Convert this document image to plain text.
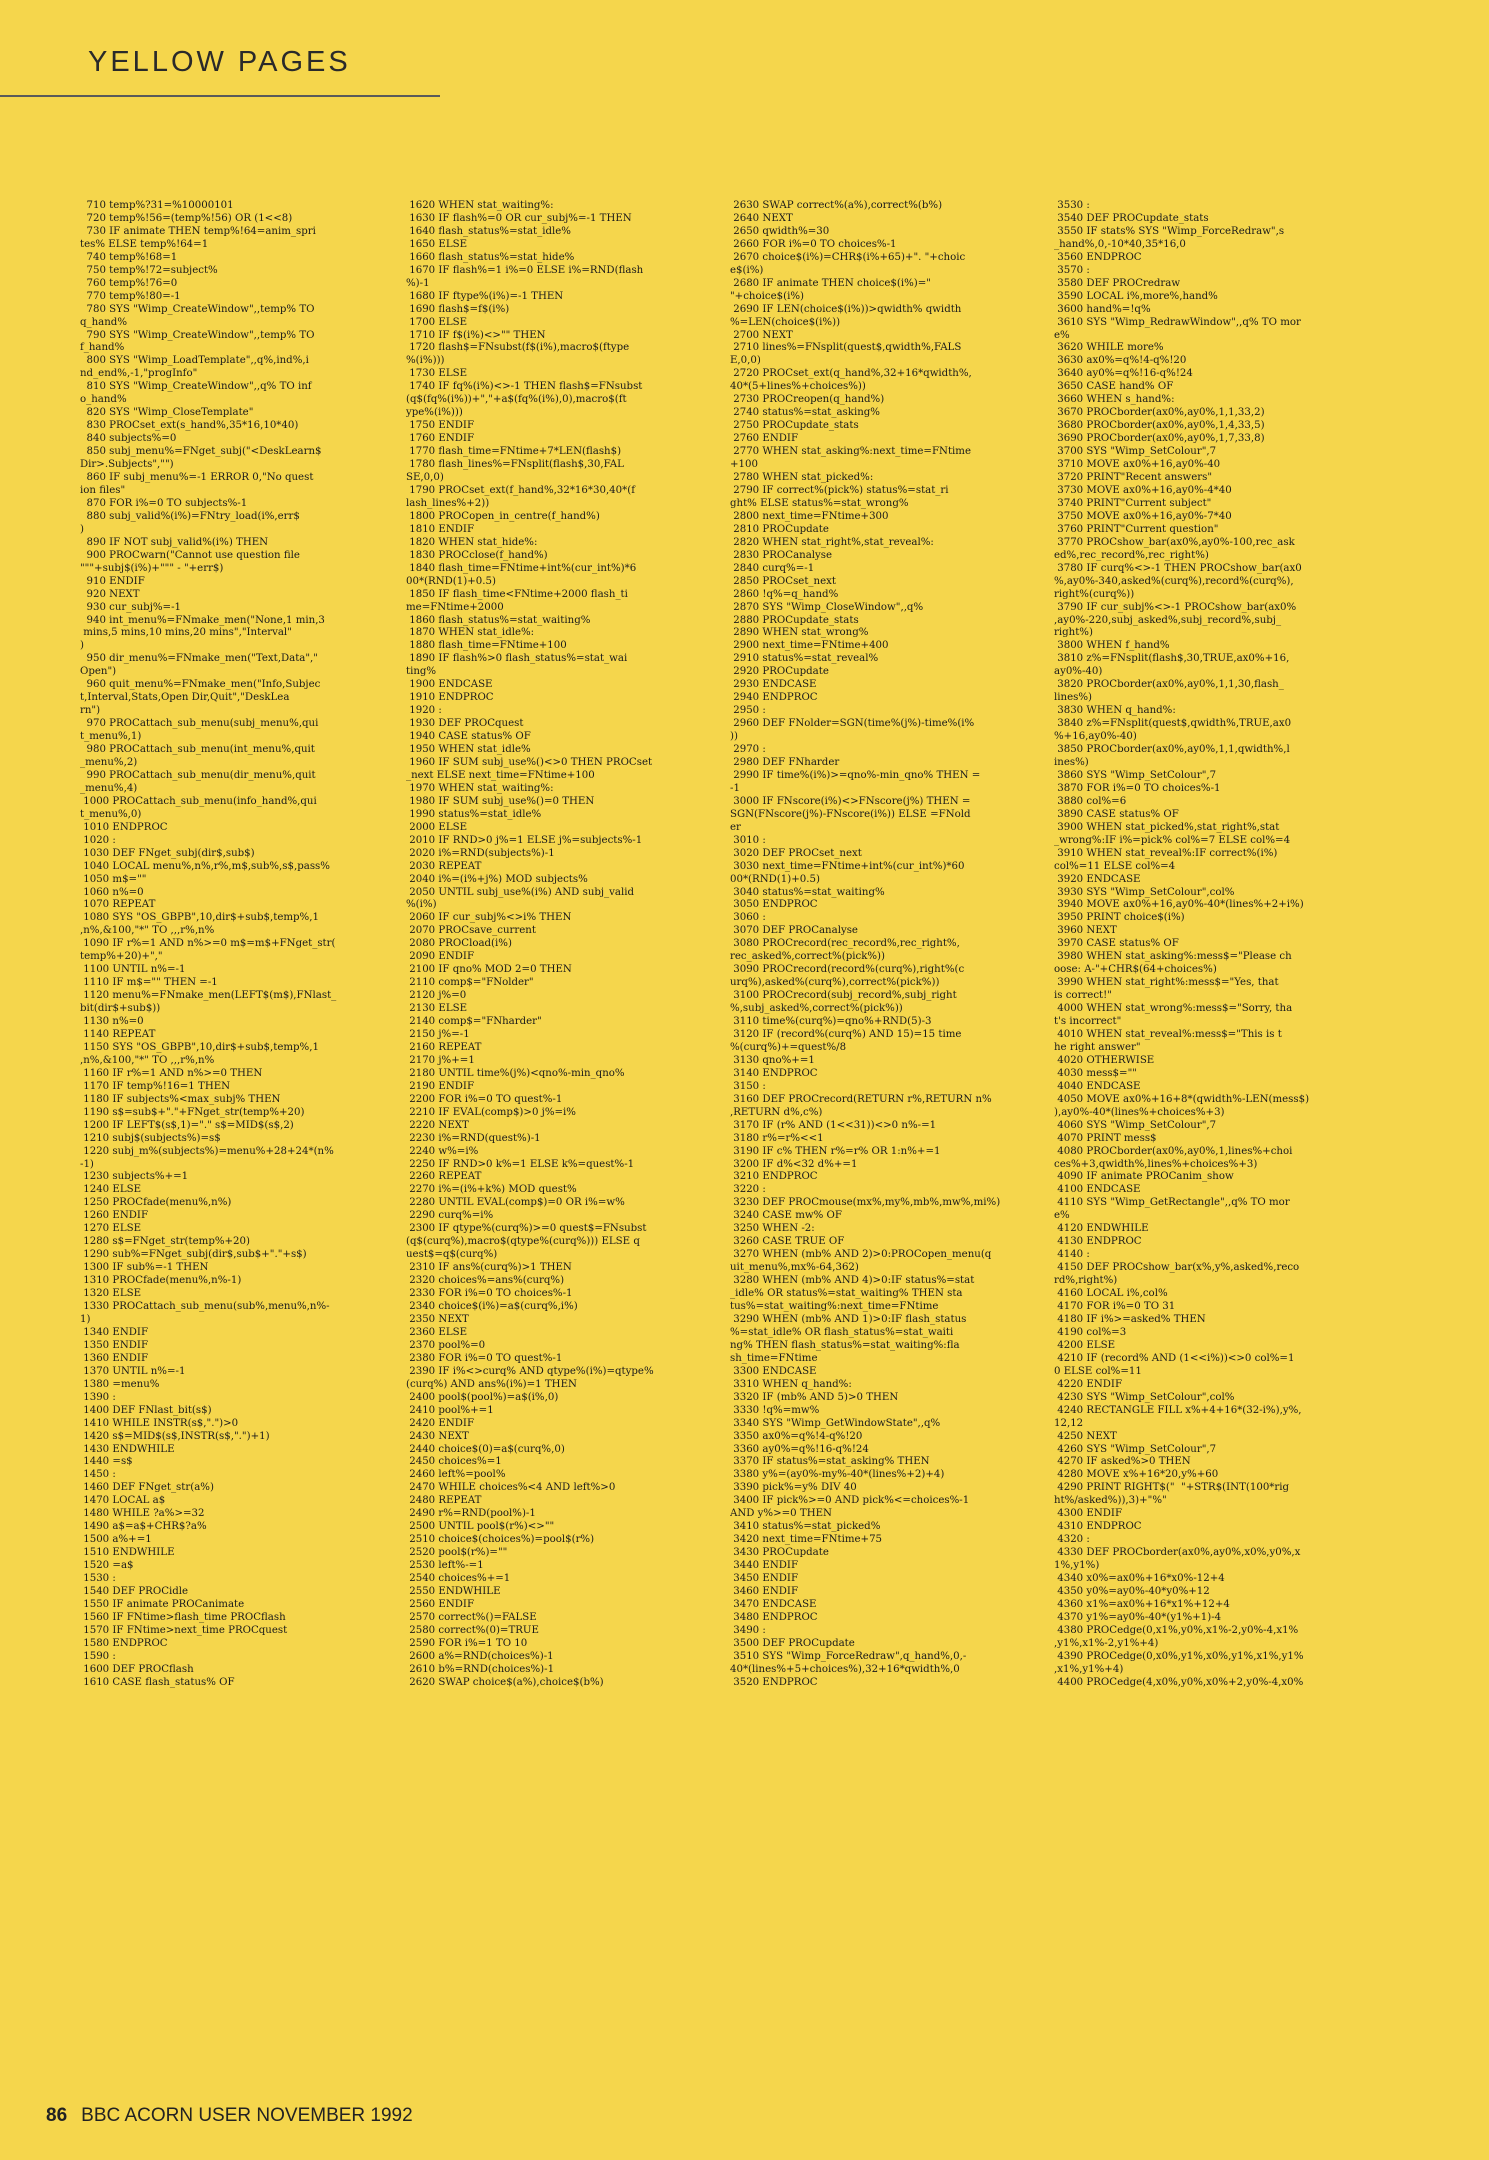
YELLOW PAGES
710 temp%?31=%10000101
720 temp%!56=(temp%!56) OR (1<<8)
730 IF animate THEN temp%!64=anim_spri
tes% ELSE temp%!64=1
740 temp%!68=1
750 temp%!72=subject%
760 temp%!76=0
770 temp%!80=-1
780 SYS "Wimp_CreateWindow",,temp% TO
q_hand%
790 SYS "Wimp_CreateWindow",,temp% TO
f_hand%
800 SYS "Wimp_LoadTemplate",,q%,ind%,i
nd_end%,-1,"progInfo"
810 SYS "Wimp_CreateWindow",,q% TO inf
o_hand%
820 SYS "Wimp_CloseTemplate"
830 PROCset_ext(s_hand%,35*16,10*40)
840 subjects%=0
850 subj_menu%=FNget_subj("<DeskLearn$
Dir>.Subjects","")
860 IF subj_menu%=-1 ERROR 0,"No quest
ion files"
870 FOR i%=0 TO subjects%-1
880 subj_valid%(i%)=FNtry_load(i%,err$
)
890 IF NOT subj_valid%(i%) THEN
900 PROCwarn("Cannot use question file
"""+subj$(i%)+""" - "+err$)
910 ENDIF
920 NEXT
930 cur_subj%=-1
940 int_menu%=FNmake_men("None,1 min,3
mins,5 mins,10 mins,20 mins","Interval"
)
950 dir_menu%=FNmake_men("Text,Data","
Open")
960 quit_menu%=FNmake_men("Info,Subjec
t,Interval,Stats,Open Dir,Quit","DeskLea
rn")
970 PROCattach_sub_menu(subj_menu%,qui
t_menu%,1)
980 PROCattach_sub_menu(int_menu%,quit
_menu%,2)
990 PROCattach_sub_menu(dir_menu%,quit
_menu%,4)
1000 PROCattach_sub_menu(info_hand%,qui
t_menu%,0)
1010 ENDPROC
1020 :
1030 DEF FNget_subj(dir$,sub$)
1040 LOCAL menu%,n%,r%,m$,sub%,s$,pass%
1050 m$=""
1060 n%=0
1070 REPEAT
1080 SYS "OS_GBPB",10,dir$+sub$,temp%,1
,n%,&100,"*" TO ,,,r%,n%
1090 IF r%=1 AND n%>=0 m$=m$+FNget_str(
temp%+20)+","
1100 UNTIL n%=-1
1110 IF m$="" THEN =-1
1120 menu%=FNmake_men(LEFT$(m$),FNlast_
bit(dir$+sub$))
1130 n%=0
1140 REPEAT
1150 SYS "OS_GBPB",10,dir$+sub$,temp%,1
,n%,&100,"*" TO ,,,r%,n%
1160 IF r%=1 AND n%>=0 THEN
1170 IF temp%!16=1 THEN
1180 IF subjects%<max_subj% THEN
1190 s$=sub$+"."+FNget_str(temp%+20)
1200 IF LEFT$(s$,1)="." s$=MID$(s$,2)
1210 subj$(subjects%)=s$
1220 subj_m%(subjects%)=menu%+28+24*(n%
-1)
1230 subjects%+=1
1240 ELSE
1250 PROCfade(menu%,n%)
1260 ENDIF
1270 ELSE
1280 s$=FNget_str(temp%+20)
1290 sub%=FNget_subj(dir$,sub$+"."+s$)
1300 IF sub%=-1 THEN
1310 PROCfade(menu%,n%-1)
1320 ELSE
1330 PROCattach_sub_menu(sub%,menu%,n%-
1)
1340 ENDIF
1350 ENDIF
1360 ENDIF
1370 UNTIL n%=-1
1380 =menu%
1390 :
1400 DEF FNlast_bit(s$)
1410 WHILE INSTR(s$,".")>0
1420 s$=MID$(s$,INSTR(s$,".")+1)
1430 ENDWHILE
1440 =s$
1450 :
1460 DEF FNget_str(a%)
1470 LOCAL a$
1480 WHILE ?a%>=32
1490 a$=a$+CHR$?a%
1500 a%+=1
1510 ENDWHILE
1520 =a$
1530 :
1540 DEF PROCidle
1550 IF animate PROCanimate
1560 IF FNtime>flash_time PROCflash
1570 IF FNtime>next_time PROCquest
1580 ENDPROC
1590 :
1600 DEF PROCflash
1610 CASE flash_status% OF
1620 WHEN stat_waiting%:
1630 IF flash%=0 OR cur_subj%=-1 THEN
1640 flash_status%=stat_idle%
1650 ELSE
1660 flash_status%=stat_hide%
1670 IF flash%=1 i%=0 ELSE i%=RND(flash
%)-1
1680 IF ftype%(i%)=-1 THEN
1690 flash$=f$(i%)
1700 ELSE
1710 IF f$(i%)<>"" THEN
1720 flash$=FNsubst(f$(i%),macro$(ftype
%(i%)))
1730 ELSE
1740 IF fq%(i%)<>-1 THEN flash$=FNsubst
(q$(fq%(i%))+","+a$(fq%(i%),0),macro$(ft
ype%(i%)))
1750 ENDIF
1760 ENDIF
1770 flash_time=FNtime+7*LEN(flash$)
1780 flash_lines%=FNsplit(flash$,30,FAL
SE,0,0)
1790 PROCset_ext(f_hand%,32*16*30,40*(f
lash_lines%+2))
1800 PROCopen_in_centre(f_hand%)
1810 ENDIF
1820 WHEN stat_hide%:
1830 PROCclose(f_hand%)
1840 flash_time=FNtime+int%(cur_int%)*6
00*(RND(1)+0.5)
1850 IF flash_time<FNtime+2000 flash_ti
me=FNtime+2000
1860 flash_status%=stat_waiting%
1870 WHEN stat_idle%:
1880 flash_time=FNtime+100
1890 IF flash%>0 flash_status%=stat_wai
ting%
1900 ENDCASE
1910 ENDPROC
1920 :
1930 DEF PROCquest
1940 CASE status% OF
1950 WHEN stat_idle%
1960 IF SUM subj_use%()<>0 THEN PROCset
_next ELSE next_time=FNtime+100
1970 WHEN stat_waiting%:
1980 IF SUM subj_use%()=0 THEN
1990 status%=stat_idle%
2000 ELSE
2010 IF RND>0 j%=1 ELSE j%=subjects%-1
2020 i%=RND(subjects%)-1
2030 REPEAT
2040 i%=(i%+j%) MOD subjects%
2050 UNTIL subj_use%(i%) AND subj_valid
%(i%)
2060 IF cur_subj%<>i% THEN
2070 PROCsave_current
2080 PROCload(i%)
2090 ENDIF
2100 IF qno% MOD 2=0 THEN
2110 comp$="FNolder"
2120 j%=0
2130 ELSE
2140 comp$="FNharder"
2150 j%=-1
2160 REPEAT
2170 j%+=1
2180 UNTIL time%(j%)<qno%-min_qno%
2190 ENDIF
2200 FOR i%=0 TO quest%-1
2210 IF EVAL(comp$)>0 j%=i%
2220 NEXT
2230 i%=RND(quest%)-1
2240 w%=i%
2250 IF RND>0 k%=1 ELSE k%=quest%-1
2260 REPEAT
2270 i%=(i%+k%) MOD quest%
2280 UNTIL EVAL(comp$)=0 OR i%=w%
2290 curq%=i%
2300 IF qtype%(curq%)>=0 quest$=FNsubst
(q$(curq%),macro$(qtype%(curq%))) ELSE q
uest$=q$(curq%)
2310 IF ans%(curq%)>1 THEN
2320 choices%=ans%(curq%)
2330 FOR i%=0 TO choices%-1
2340 choice$(i%)=a$(curq%,i%)
2350 NEXT
2360 ELSE
2370 pool%=0
2380 FOR i%=0 TO quest%-1
2390 IF i%<>curq% AND qtype%(i%)=qtype%
(curq%) AND ans%(i%)=1 THEN
2400 pool$(pool%)=a$(i%,0)
2410 pool%+=1
2420 ENDIF
2430 NEXT
2440 choice$(0)=a$(curq%,0)
2450 choices%=1
2460 left%=pool%
2470 WHILE choices%<4 AND left%>0
2480 REPEAT
2490 r%=RND(pool%)-1
2500 UNTIL pool$(r%)<>""
2510 choice$(choices%)=pool$(r%)
2520 pool$(r%)=""
2530 left%-=1
2540 choices%+=1
2550 ENDWHILE
2560 ENDIF
2570 correct%()=FALSE
2580 correct%(0)=TRUE
2590 FOR i%=1 TO 10
2600 a%=RND(choices%)-1
2610 b%=RND(choices%)-1
2620 SWAP choice$(a%),choice$(b%)
2630 SWAP correct%(a%),correct%(b%)
2640 NEXT
2650 qwidth%=30
2660 FOR i%=0 TO choices%-1
2670 choice$(i%)=CHR$(i%+65)+". "+choic
e$(i%)
2680 IF animate THEN choice$(i%)="
"+choice$(i%)
2690 IF LEN(choice$(i%))>qwidth% qwidth
%=LEN(choice$(i%))
2700 NEXT
2710 lines%=FNsplit(quest$,qwidth%,FALS
E,0,0)
2720 PROCset_ext(q_hand%,32+16*qwidth%,
40*(5+lines%+choices%))
2730 PROCreopen(q_hand%)
2740 status%=stat_asking%
2750 PROCupdate_stats
2760 ENDIF
2770 WHEN stat_asking%:next_time=FNtime
+100
2780 WHEN stat_picked%:
2790 IF correct%(pick%) status%=stat_ri
ght% ELSE status%=stat_wrong%
2800 next_time=FNtime+300
2810 PROCupdate
2820 WHEN stat_right%,stat_reveal%:
2830 PROCanalyse
2840 curq%=-1
2850 PROCset_next
2860 !q%=q_hand%
2870 SYS "Wimp_CloseWindow",,q%
2880 PROCupdate_stats
2890 WHEN stat_wrong%
2900 next_time=FNtime+400
2910 status%=stat_reveal%
2920 PROCupdate
2930 ENDCASE
2940 ENDPROC
2950 :
2960 DEF FNolder=SGN(time%(j%)-time%(i%
))
2970 :
2980 DEF FNharder
2990 IF time%(i%)>=qno%-min_qno% THEN =
-1
3000 IF FNscore(i%)<>FNscore(j%) THEN =
SGN(FNscore(j%)-FNscore(i%)) ELSE =FNold
er
3010 :
3020 DEF PROCset_next
3030 next_time=FNtime+int%(cur_int%)*60
00*(RND(1)+0.5)
3040 status%=stat_waiting%
3050 ENDPROC
3060 :
3070 DEF PROCanalyse
3080 PROCrecord(rec_record%,rec_right%,
rec_asked%,correct%(pick%))
3090 PROCrecord(record%(curq%),right%(c
urq%),asked%(curq%),correct%(pick%))
3100 PROCrecord(subj_record%,subj_right
%,subj_asked%,correct%(pick%))
3110 time%(curq%)=qno%+RND(5)-3
3120 IF (record%(curq%) AND 15)=15 time
%(curq%)+=quest%/8
3130 qno%+=1
3140 ENDPROC
3150 :
3160 DEF PROCrecord(RETURN r%,RETURN n%
,RETURN d%,c%)
3170 IF (r% AND (1<<31))<>0 n%-=1
3180 r%=r%<<1
3190 IF c% THEN r%=r% OR 1:n%+=1
3200 IF d%<32 d%+=1
3210 ENDPROC
3220 :
3230 DEF PROCmouse(mx%,my%,mb%,mw%,mi%)
3240 CASE mw% OF
3250 WHEN -2:
3260 CASE TRUE OF
3270 WHEN (mb% AND 2)>0:PROCopen_menu(q
uit_menu%,mx%-64,362)
3280 WHEN (mb% AND 4)>0:IF status%=stat
_idle% OR status%=stat_waiting% THEN sta
tus%=stat_waiting%:next_time=FNtime
3290 WHEN (mb% AND 1)>0:IF flash_status
%=stat_idle% OR flash_status%=stat_waiti
ng% THEN flash_status%=stat_waiting%:fla
sh_time=FNtime
3300 ENDCASE
3310 WHEN q_hand%:
3320 IF (mb% AND 5)>0 THEN
3330 !q%=mw%
3340 SYS "Wimp_GetWindowState",,q%
3350 ax0%=q%!4-q%!20
3360 ay0%=q%!16-q%!24
3370 IF status%=stat_asking% THEN
3380 y%=(ay0%-my%-40*(lines%+2)+4)
3390 pick%=y% DIV 40
3400 IF pick%>=0 AND pick%<=choices%-1
AND y%>=0 THEN
3410 status%=stat_picked%
3420 next_time=FNtime+75
3430 PROCupdate
3440 ENDIF
3450 ENDIF
3460 ENDIF
3470 ENDCASE
3480 ENDPROC
3490 :
3500 DEF PROCupdate
3510 SYS "Wimp_ForceRedraw",q_hand%,0,-
40*(lines%+5+choices%),32+16*qwidth%,0
3520 ENDPROC
3530 :
3540 DEF PROCupdate_stats
3550 IF stats% SYS "Wimp_ForceRedraw",s
_hand%,0,-10*40,35*16,0
3560 ENDPROC
3570 :
3580 DEF PROCredraw
3590 LOCAL i%,more%,hand%
3600 hand%=!q%
3610 SYS "Wimp_RedrawWindow",,q% TO mor
e%
3620 WHILE more%
3630 ax0%=q%!4-q%!20
3640 ay0%=q%!16-q%!24
3650 CASE hand% OF
3660 WHEN s_hand%:
3670 PROCborder(ax0%,ay0%,1,1,33,2)
3680 PROCborder(ax0%,ay0%,1,4,33,5)
3690 PROCborder(ax0%,ay0%,1,7,33,8)
3700 SYS "Wimp_SetColour",7
3710 MOVE ax0%+16,ay0%-40
3720 PRINT"Recent answers"
3730 MOVE ax0%+16,ay0%-4*40
3740 PRINT"Current subject"
3750 MOVE ax0%+16,ay0%-7*40
3760 PRINT"Current question"
3770 PROCshow_bar(ax0%,ay0%-100,rec_ask
ed%,rec_record%,rec_right%)
3780 IF curq%<>-1 THEN PROCshow_bar(ax0
%,ay0%-340,asked%(curq%),record%(curq%),
right%(curq%))
3790 IF cur_subj%<>-1 PROCshow_bar(ax0%
,ay0%-220,subj_asked%,subj_record%,subj_
right%)
3800 WHEN f_hand%
3810 z%=FNsplit(flash$,30,TRUE,ax0%+16,
ay0%-40)
3820 PROCborder(ax0%,ay0%,1,1,30,flash_
lines%)
3830 WHEN q_hand%:
3840 z%=FNsplit(quest$,qwidth%,TRUE,ax0
%+16,ay0%-40)
3850 PROCborder(ax0%,ay0%,1,1,qwidth%,l
ines%)
3860 SYS "Wimp_SetColour",7
3870 FOR i%=0 TO choices%-1
3880 col%=6
3890 CASE status% OF
3900 WHEN stat_picked%,stat_right%,stat
_wrong%:IF i%=pick% col%=7 ELSE col%=4
3910 WHEN stat_reveal%:IF correct%(i%)
col%=11 ELSE col%=4
3920 ENDCASE
3930 SYS "Wimp_SetColour",col%
3940 MOVE ax0%+16,ay0%-40*(lines%+2+i%)
3950 PRINT choice$(i%)
3960 NEXT
3970 CASE status% OF
3980 WHEN stat_asking%:mess$="Please ch
oose: A-"+CHR$(64+choices%)
3990 WHEN stat_right%:mess$="Yes, that
is correct!"
4000 WHEN stat_wrong%:mess$="Sorry, tha
t's incorrect"
4010 WHEN stat_reveal%:mess$="This is t
he right answer"
4020 OTHERWISE
4030 mess$=""
4040 ENDCASE
4050 MOVE ax0%+16+8*(qwidth%-LEN(mess$)
),ay0%-40*(lines%+choices%+3)
4060 SYS "Wimp_SetColour",7
4070 PRINT mess$
4080 PROCborder(ax0%,ay0%,1,lines%+choi
ces%+3,qwidth%,lines%+choices%+3)
4090 IF animate PROCanim_show
4100 ENDCASE
4110 SYS "Wimp_GetRectangle",,q% TO mor
e%
4120 ENDWHILE
4130 ENDPROC
4140 :
4150 DEF PROCshow_bar(x%,y%,asked%,reco
rd%,right%)
4160 LOCAL i%,col%
4170 FOR i%=0 TO 31
4180 IF i%>=asked% THEN
4190 col%=3
4200 ELSE
4210 IF (record% AND (1<<i%))<>0 col%=1
0 ELSE col%=11
4220 ENDIF
4230 SYS "Wimp_SetColour",col%
4240 RECTANGLE FILL x%+4+16*(32-i%),y%,
12,12
4250 NEXT
4260 SYS "Wimp_SetColour",7
4270 IF asked%>0 THEN
4280 MOVE x%+16*20,y%+60
4290 PRINT RIGHT$("  "+STR$(INT(100*rig
ht%/asked%)),3)+"%"
4300 ENDIF
4310 ENDPROC
4320 :
4330 DEF PROCborder(ax0%,ay0%,x0%,y0%,x
1%,y1%)
4340 x0%=ax0%+16*x0%-12+4
4350 y0%=ay0%-40*y0%+12
4360 x1%=ax0%+16*x1%+12+4
4370 y1%=ay0%-40*(y1%+1)-4
4380 PROCedge(0,x1%,y0%,x1%-2,y0%-4,x1%
,y1%,x1%-2,y1%+4)
4390 PROCedge(0,x0%,y1%,x0%,y1%,x1%,y1%
,x1%,y1%+4)
4400 PROCedge(4,x0%,y0%,x0%+2,y0%-4,x0%
86 BBC ACORN USER NOVEMBER 1992
